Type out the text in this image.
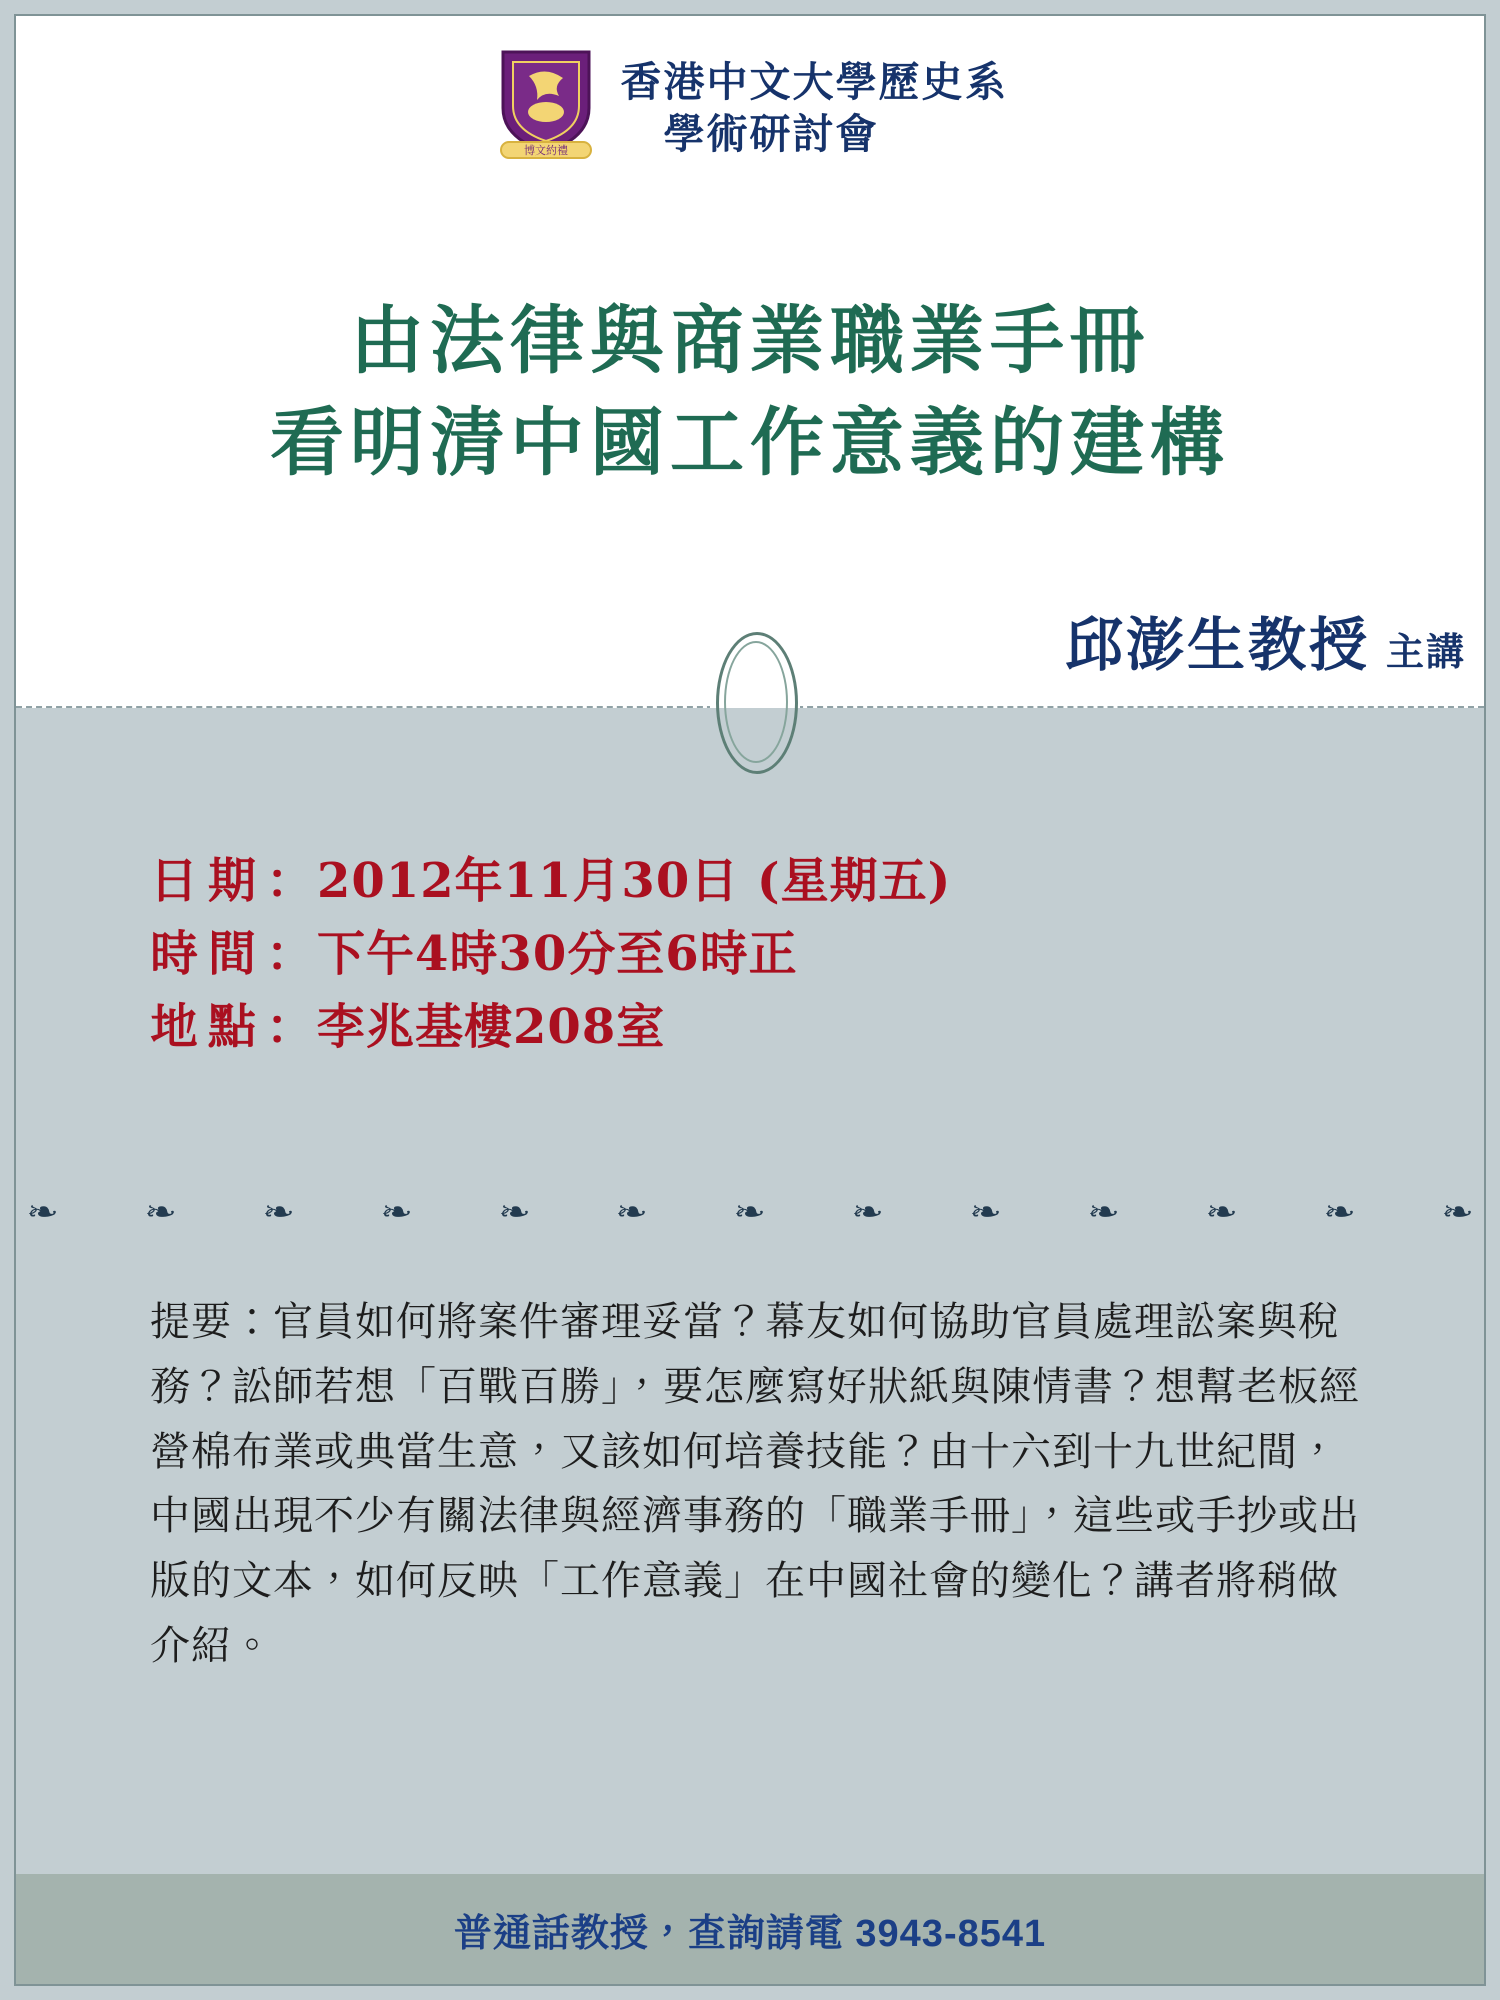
博文約禮
香港中文大學歷史系
學術研討會
由法律與商業職業手冊
看明清中國工作意義的建構
邱澎生教授 主講
日期 ： 2012年11月30日 (星期五)
時間 ： 下午4時30分至6時正
地點 ： 李兆基樓208室
❧	❧	❧	❧	❧	❧	❧	❧	❧	❧	❧	❧	❧
提要：官員如何將案件審理妥當？幕友如何協助官員處理訟案與稅務？訟師若想「百戰百勝」，要怎麼寫好狀紙與陳情書？想幫老板經營棉布業或典當生意，又該如何培養技能？由十六到十九世紀間，中國出現不少有關法律與經濟事務的「職業手冊」，這些或手抄或出版的文本，如何反映「工作意義」在中國社會的變化？講者將稍做介紹。
普通話教授，查詢請電 3943-8541
